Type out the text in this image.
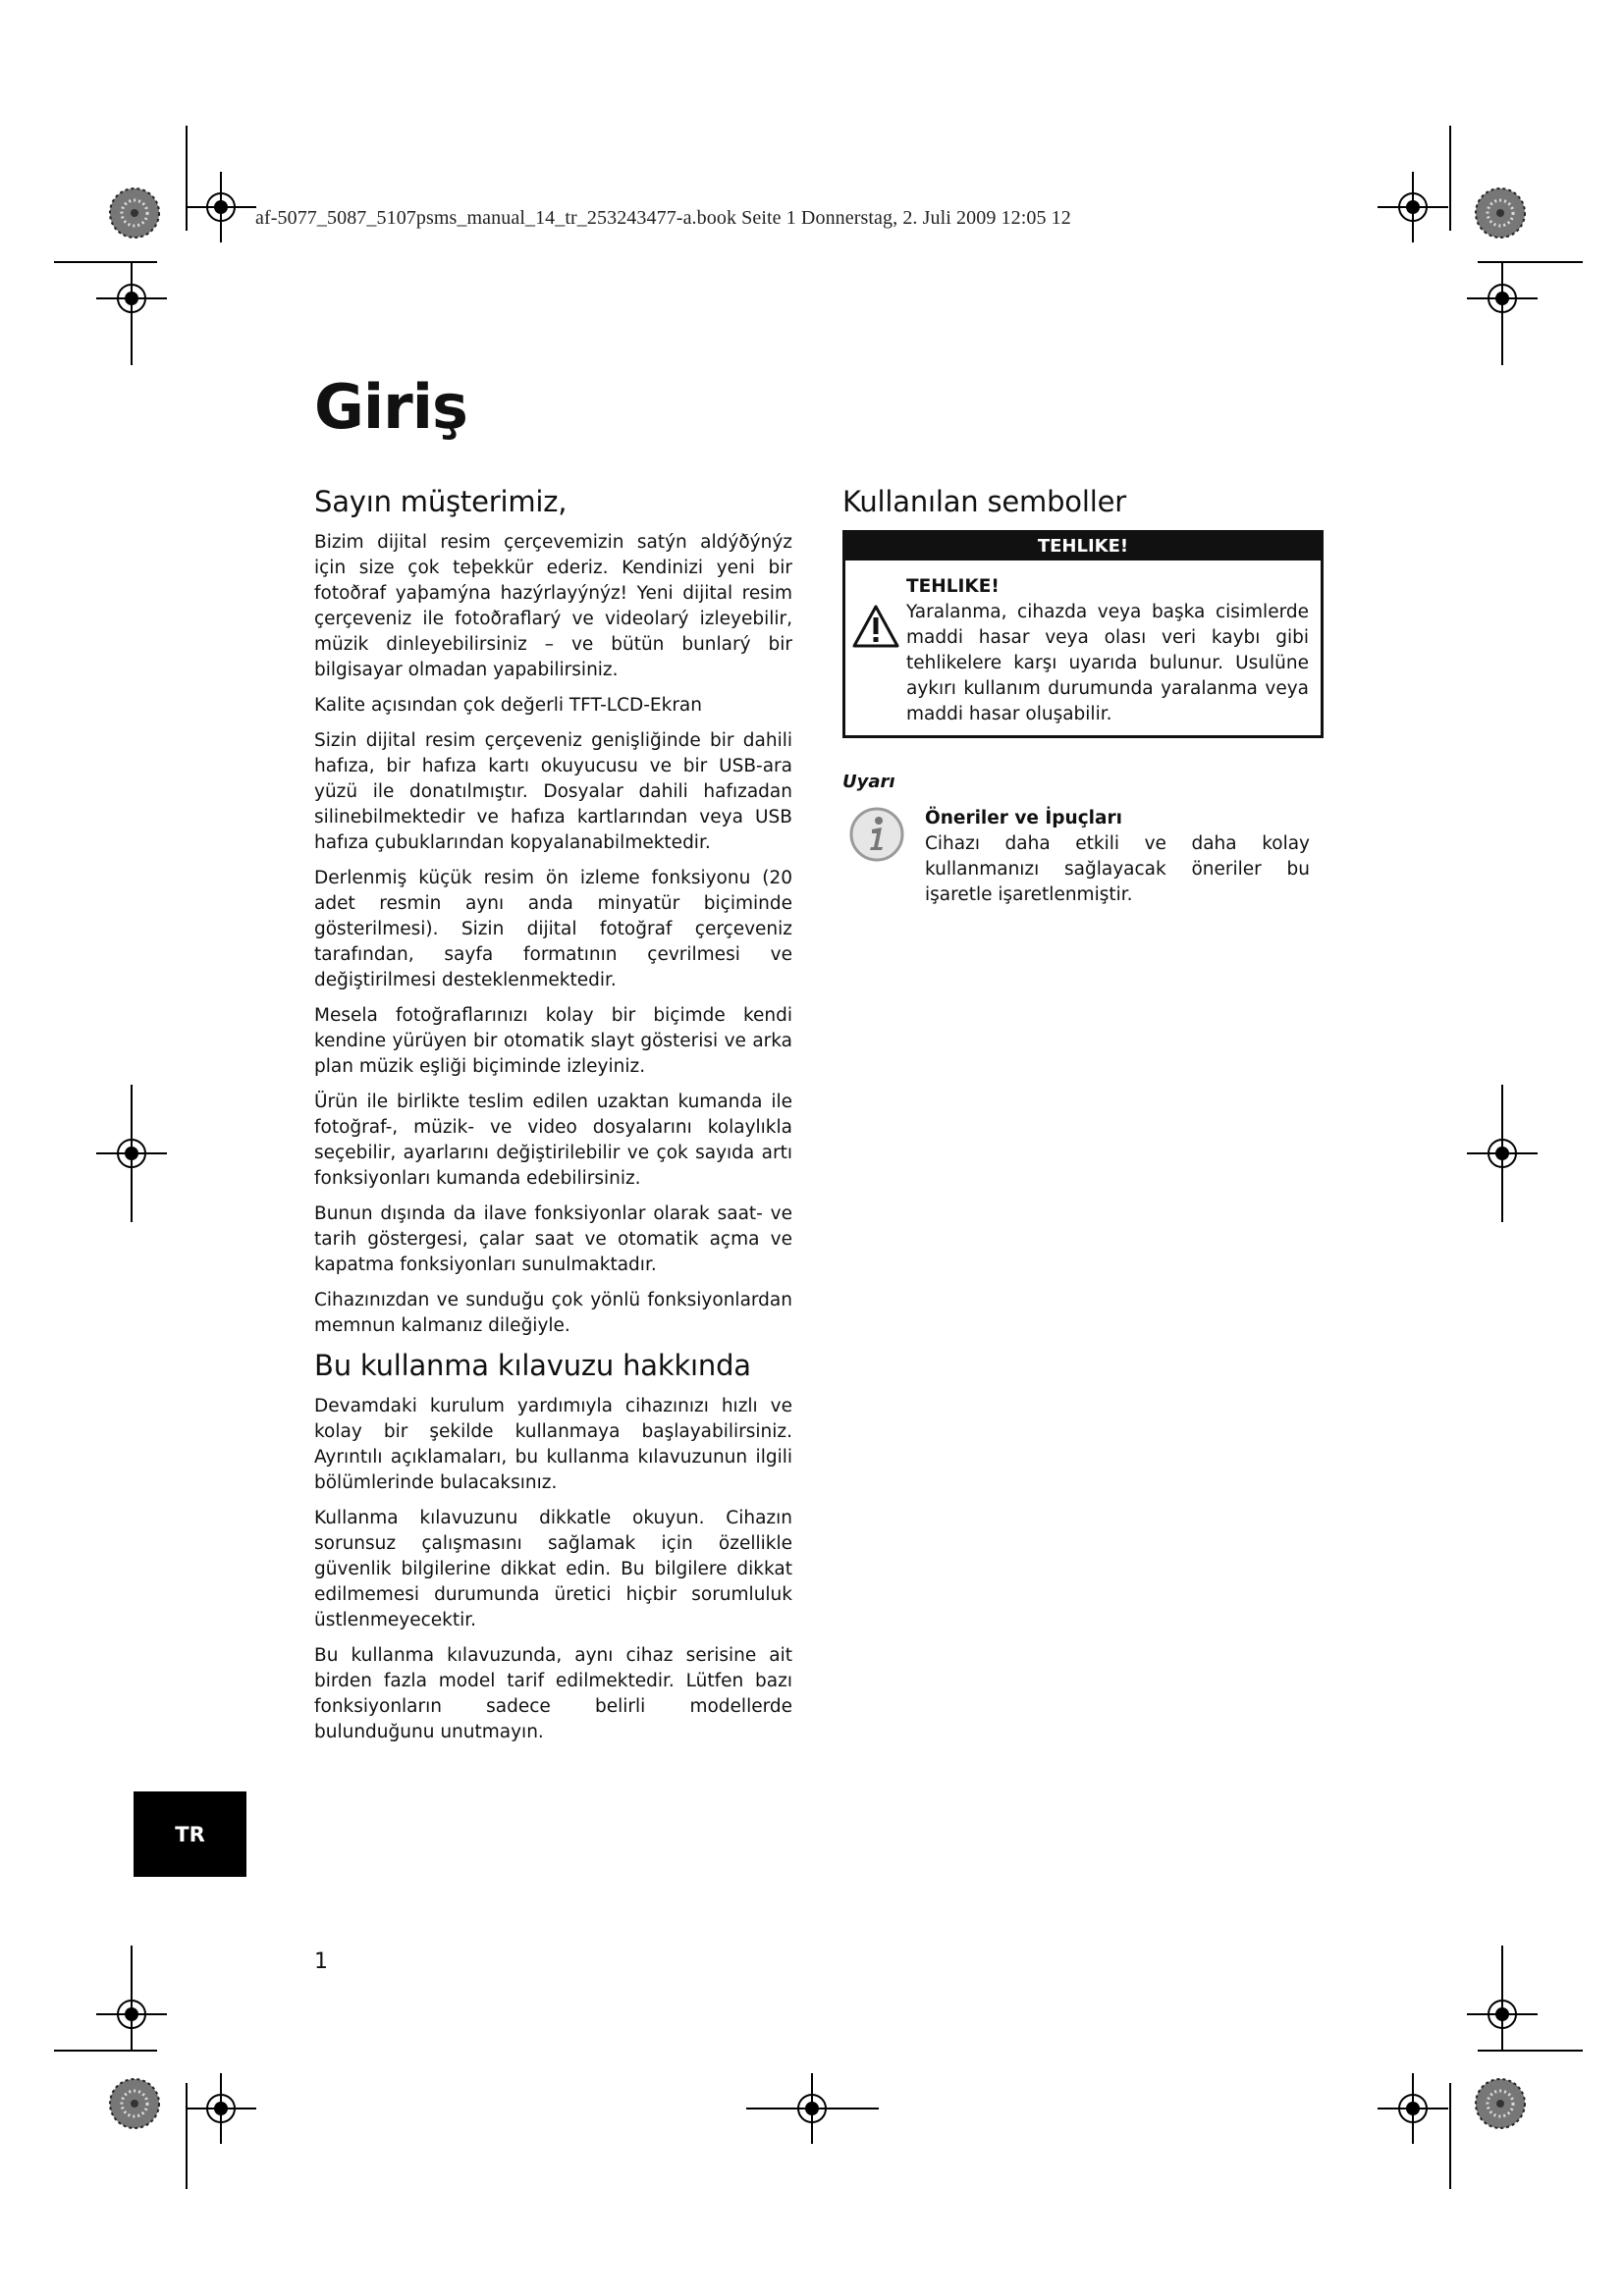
af-5077_5087_5107psms_manual_14_tr_253243477-a.book Seite 1 Donnerstag, 2. Juli 2009 12:05 12
Giriş
Sayın müşterimiz,

Bizim dijital resim çerçevemizin satýn aldýðýnýz için size çok teþekkür ederiz. Kendinizi yeni bir fotoðraf yaþamýna hazýrlayýnýz! Yeni dijital resim çerçeveniz ile fotoðraflarý ve videolarý izleyebilir, müzik dinleyebilirsiniz – ve bütün bunlarý bir bilgisayar olmadan yapabilirsiniz.

Kalite açısından çok değerli TFT-LCD-Ekran

Sizin dijital resim çerçeveniz genişliğinde bir dahili hafıza, bir hafıza kartı okuyucusu ve bir USB-ara yüzü ile donatılmıştır. Dosyalar dahili hafızadan silinebilmektedir ve hafıza kartlarından veya USB hafıza çubuklarından kopyalanabilmektedir.

Derlenmiş küçük resim ön izleme fonksiyonu (20 adet resmin aynı anda minyatür biçiminde gösterilmesi). Sizin dijital fotoğraf çerçeveniz tarafından, sayfa formatının çevrilmesi ve değiştirilmesi desteklenmektedir.

Mesela fotoğraflarınızı kolay bir biçimde kendi kendine yürüyen bir otomatik slayt gösterisi ve arka plan müzik eşliği biçiminde izleyiniz.

Ürün ile birlikte teslim edilen uzaktan kumanda ile fotoğraf-, müzik- ve video dosyalarını kolaylıkla seçebilir, ayarlarını değiştirilebilir ve çok sayıda artı fonksiyonları kumanda edebilirsiniz.

Bunun dışında da ilave fonksiyonlar olarak saat- ve tarih göstergesi, çalar saat ve otomatik açma ve kapatma fonksiyonları sunulmaktadır.

Cihazınızdan ve sunduğu çok yönlü fonksiyonlardan memnun kalmanız dileğiyle.

Bu kullanma kılavuzu hakkında

Devamdaki kurulum yardımıyla cihazınızı hızlı ve kolay bir şekilde kullanmaya başlayabilirsiniz. Ayrıntılı açıklamaları, bu kullanma kılavuzunun ilgili bölümlerinde bulacaksınız.

Kullanma kılavuzunu dikkatle okuyun. Cihazın sorunsuz çalışmasını sağlamak için özellikle güvenlik bilgilerine dikkat edin. Bu bilgilere dikkat edilmemesi durumunda üretici hiçbir sorumluluk üstlenmeyecektir.

Bu kullanma kılavuzunda, aynı cihaz serisine ait birden fazla model tarif edilmektedir. Lütfen bazı fonksiyonların sadece belirli modellerde bulunduğunu unutmayın.

Kullanılan semboller
TEHLIKE!
TEHLIKE!

Yaralanma, cihazda veya başka cisimlerde maddi hasar veya olası veri kaybı gibi tehlikelere karşı uyarıda bulunur. Usulüne aykırı kullanım durumunda yaralanma veya maddi hasar oluşabilir.

Uyarı
Öneriler ve İpuçları

Cihazı daha etkili ve daha kolay kullanmanızı sağlayacak öneriler bu işaretle işaretlenmiştir.

TR
1
